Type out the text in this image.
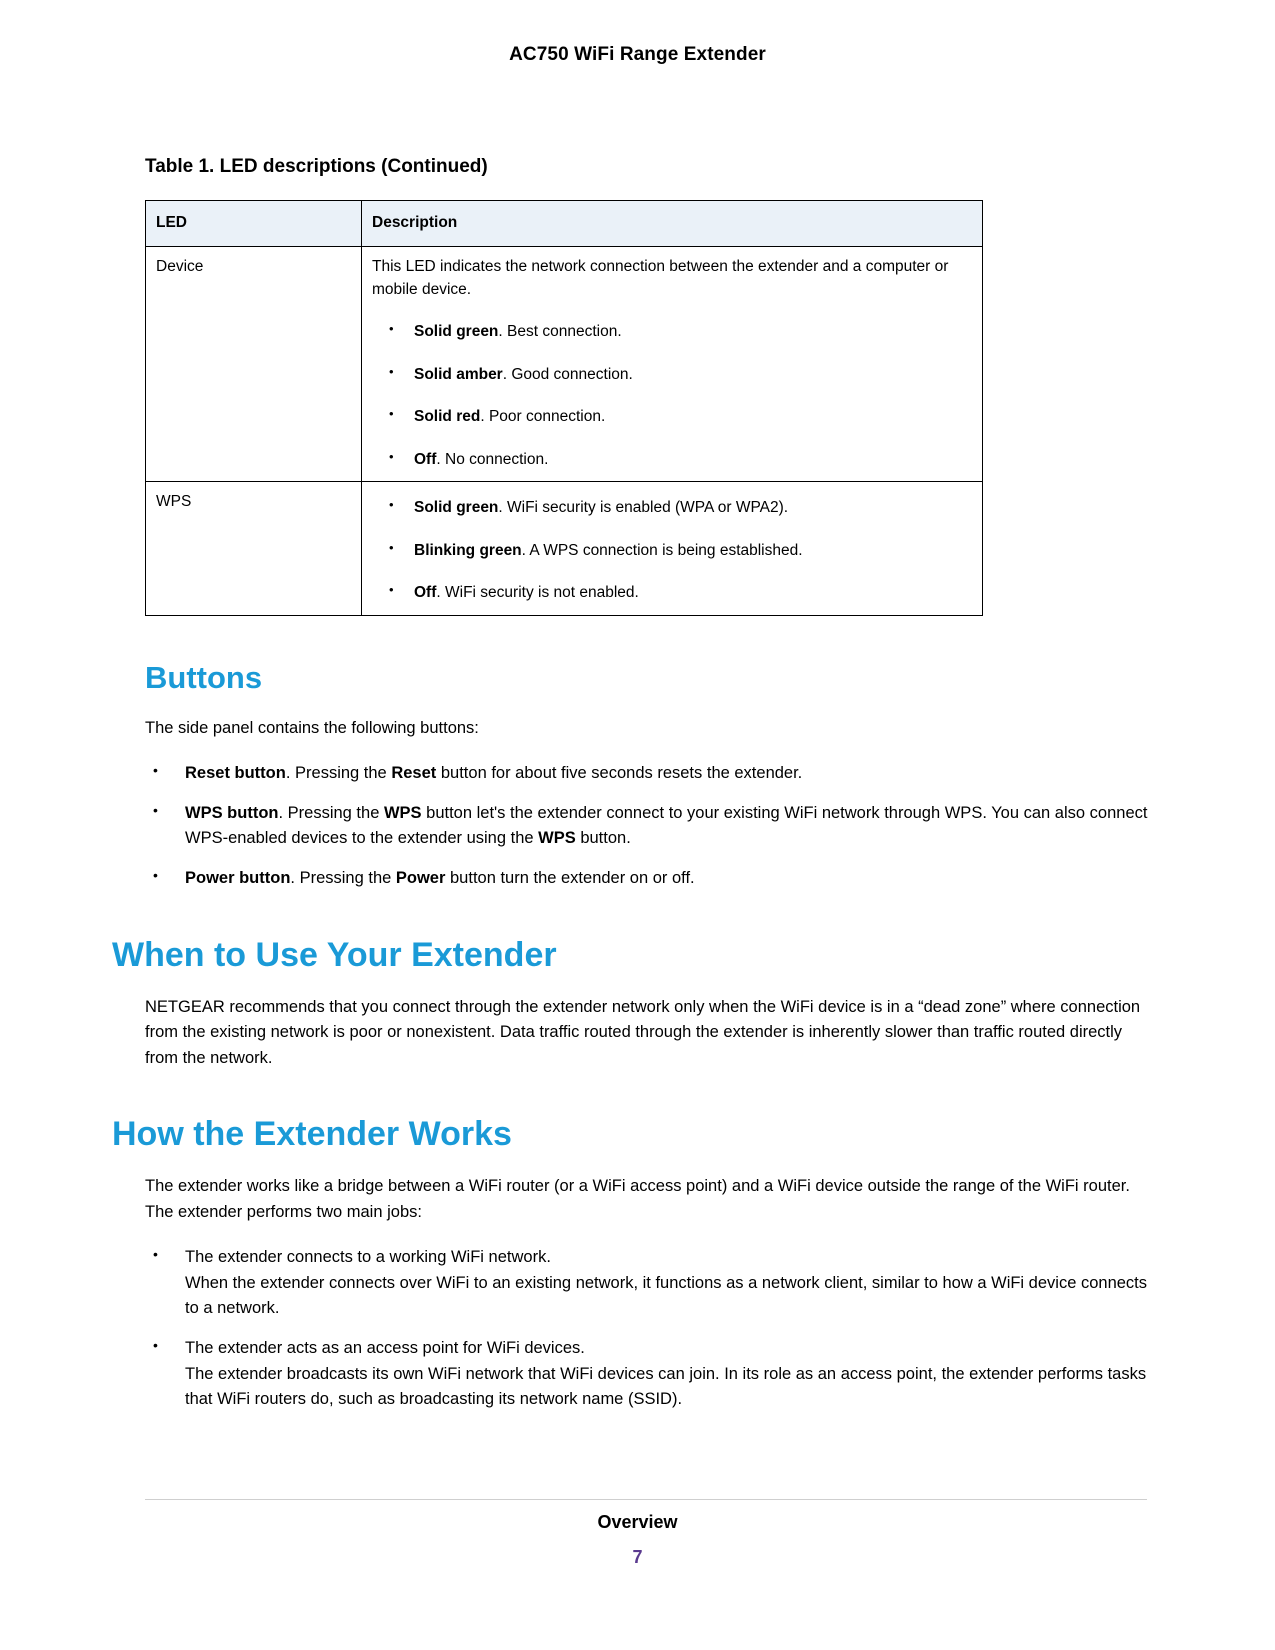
AC750 WiFi Range Extender
Table 1. LED descriptions (Continued)
LED	Description
Device	This LED indicates the network connection between the extender and a computer or mobile device.

• Solid green. Best connection.
• Solid amber. Good connection.
• Solid red. Poor connection.
• Off. No connection.

WPS	
•Solid green. WiFi security is enabled (WPA or WPA2).
• Blinking green. A WPS connection is being established.
• Off. WiFi security is not enabled.
Buttons

The side panel contains the following buttons:

• Reset button. Pressing the Reset button for about five seconds resets the extender.
• WPS button. Pressing the WPS button let's the extender connect to your existing WiFi network through WPS. You can also connect WPS-enabled devices to the extender using the WPS button.
• Power button. Pressing the Power button turn the extender on or off.
When to Use Your Extender

NETGEAR recommends that you connect through the extender network only when the WiFi device is in a “dead zone” where connection from the existing network is poor or nonexistent. Data traffic routed through the extender is inherently slower than traffic routed directly from the network.

How the Extender Works

The extender works like a bridge between a WiFi router (or a WiFi access point) and a WiFi device outside the range of the WiFi router. The extender performs two main jobs:

• The extender connects to a working WiFi network.
When the extender connects over WiFi to an existing network, it functions as a network client, similar to how a WiFi device connects to a network.
• The extender acts as an access point for WiFi devices.
The extender broadcasts its own WiFi network that WiFi devices can join. In its role as an access point, the extender performs tasks that WiFi routers do, such as broadcasting its network name (SSID).
Overview
7
